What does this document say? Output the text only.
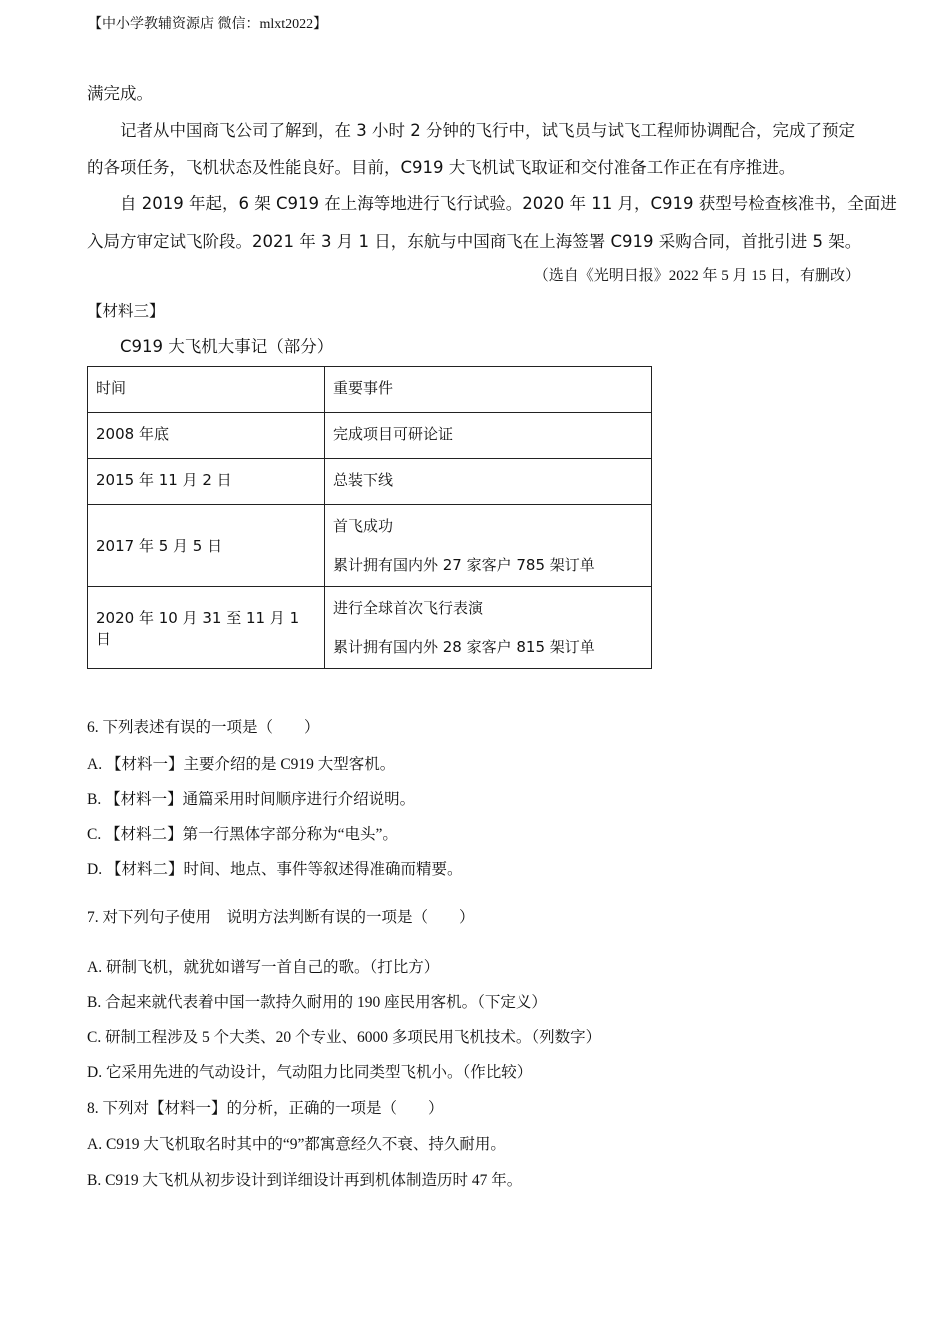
【中小学教辅资源店 微信：mlxt2022】
满完成。
记者从中国商飞公司了解到，在 3 小时 2 分钟的飞行中，试飞员与试飞工程师协调配合，完成了预定
的各项任务，飞机状态及性能良好。目前，C919 大飞机试飞取证和交付准备工作正在有序推进。
自 2019 年起，6 架 C919 在上海等地进行飞行试验。2020 年 11 月，C919 获型号检查核准书，全面进
入局方审定试飞阶段。2021 年 3 月 1 日，东航与中国商飞在上海签署 C919 采购合同，首批引进 5 架。
（选自《光明日报》2022 年 5 月 15 日，有删改）
【材料三】
C919 大飞机大事记（部分）
时间	重要事件

2008 年底	完成项目可研论证

2015 年 11 月 2 日	总装下线

2017 年 5 月 5 日	首飞成功
累计拥有国内外 27 家客户 785 架订单

2020 年 10 月 31 至 11 月 1 日	进行全球首次飞行表演
累计拥有国内外 28 家客户 815 架订单
6. 下列表述有误的一项是（　　）
A. 【材料一】主要介绍的是 C919 大型客机。
B. 【材料一】通篇采用时间顺序进行介绍说明。
C. 【材料二】第一行黑体字部分称为“电头”。
D. 【材料二】时间、地点、事件等叙述得准确而精要。
7. 对下列句子使用　说明方法判断有误的一项是（　　）
A. 研制飞机，就犹如谱写一首自己的歌。（打比方）
B. 合起来就代表着中国一款持久耐用的 190 座民用客机。（下定义）
C. 研制工程涉及 5 个大类、20 个专业、6000 多项民用飞机技术。（列数字）
D. 它采用先进的气动设计，气动阻力比同类型飞机小。（作比较）
8. 下列对【材料一】的分析，正确的一项是（　　）
A. C919 大飞机取名时其中的“9”都寓意经久不衰、持久耐用。
B. C919 大飞机从初步设计到详细设计再到机体制造历时 47 年。
